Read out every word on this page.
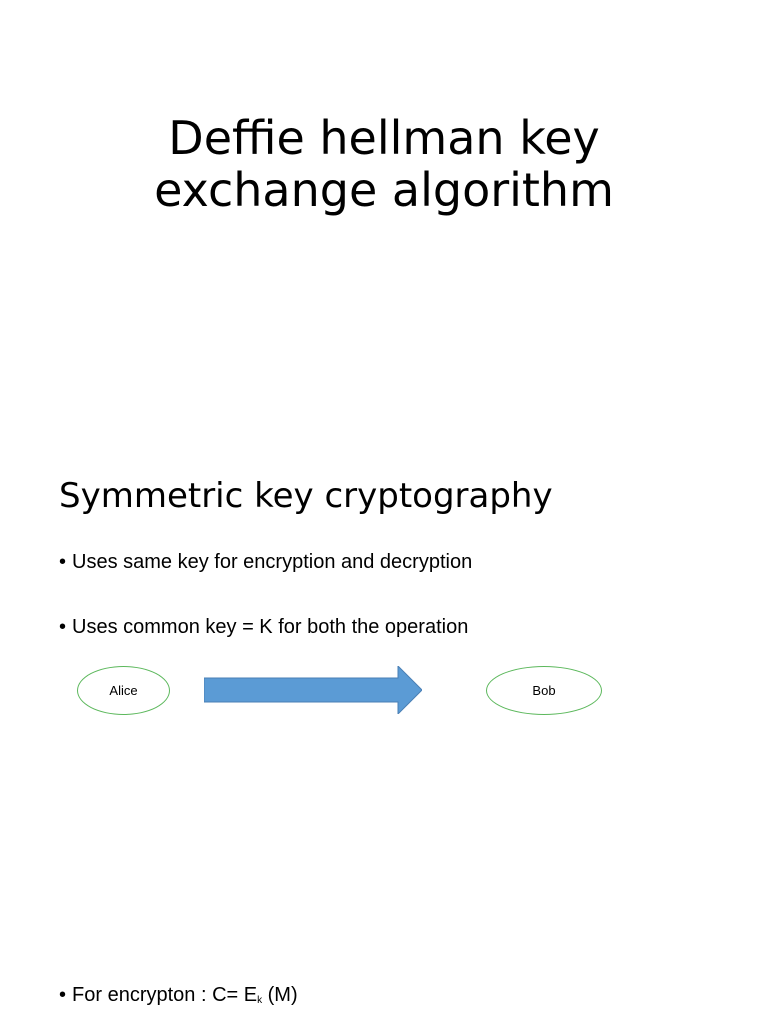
Deffie hellman key
exchange algorithm
Symmetric key cryptography
• Uses same key for encryption and decryption
• Uses common key = K for both the operation
Alice	Bob
• For encrypton : $C= E_k$ (M)
